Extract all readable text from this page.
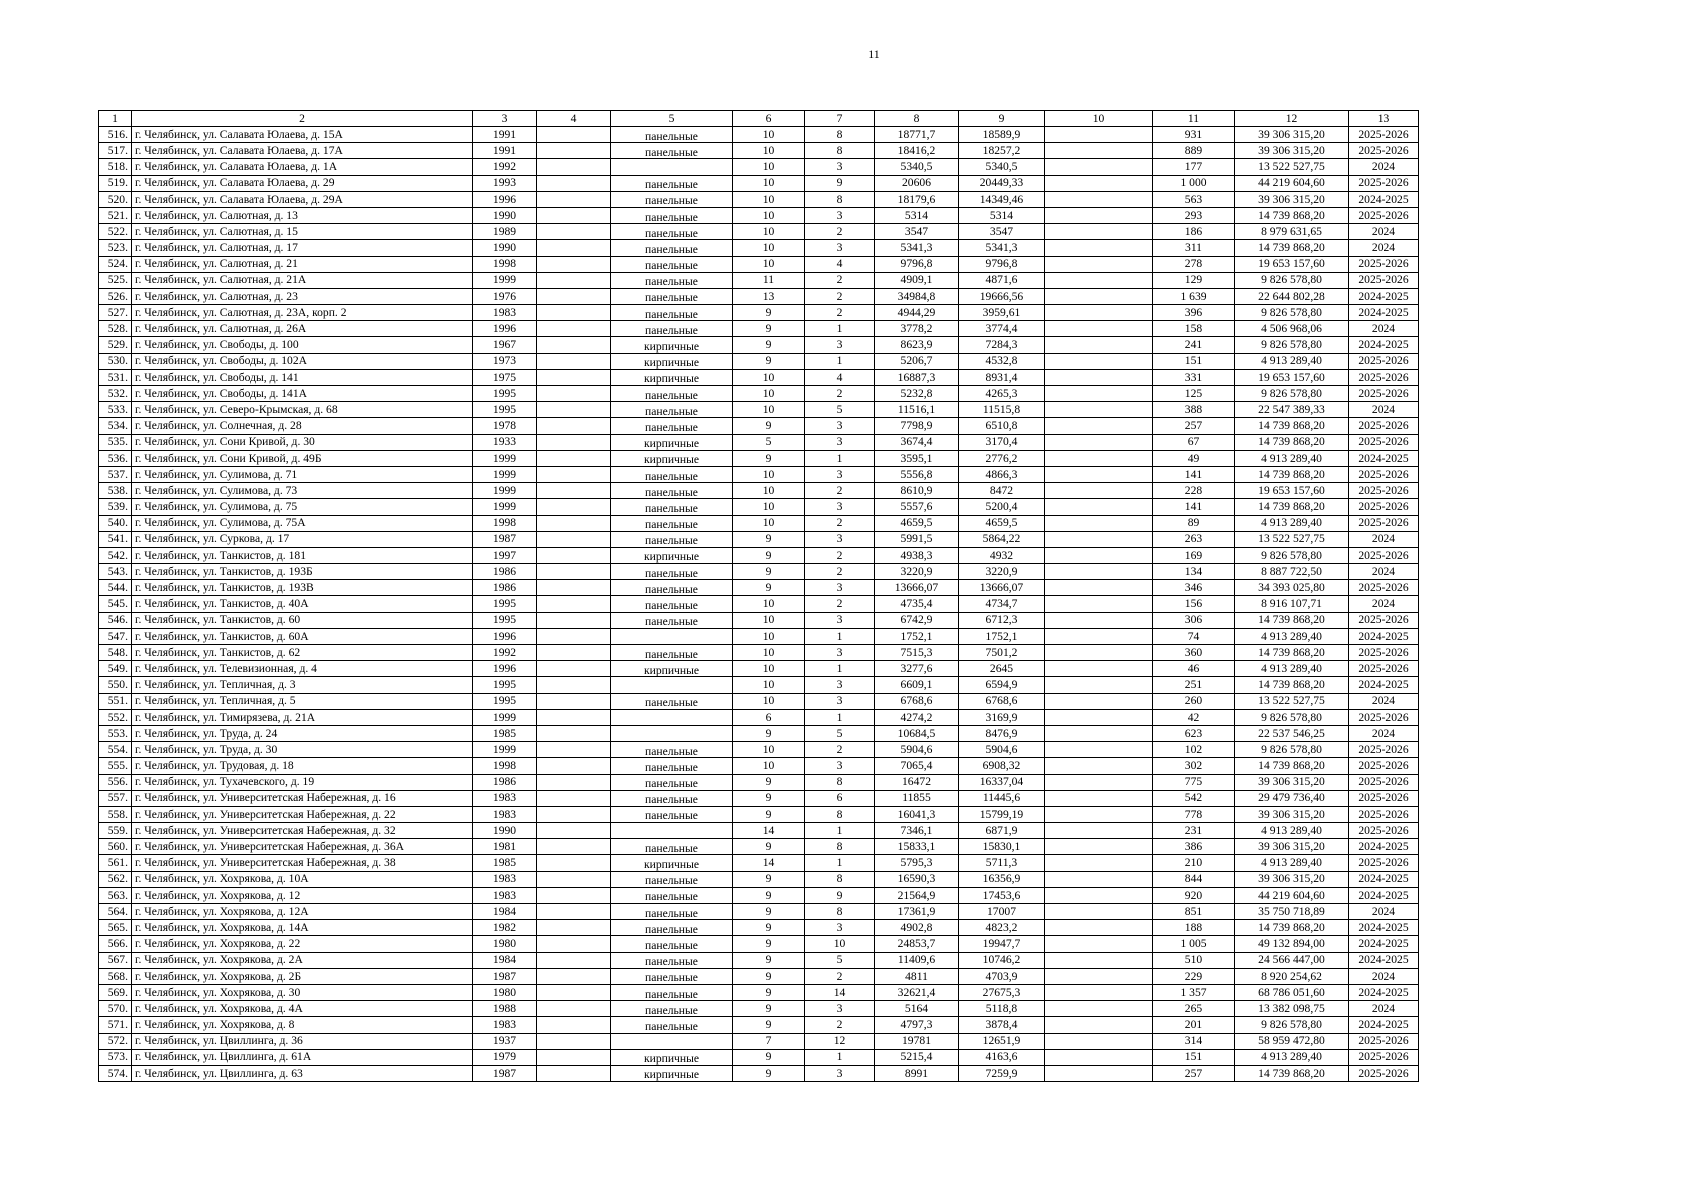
11
1	2	3	4	5	6	7	8	9	10	11	12	13
516.	г. Челябинск, ул. Салавата Юлаева, д. 15А	1991		панельные	10	8	18771,7	18589,9		931	39 306 315,20	2025-2026
517.	г. Челябинск, ул. Салавата Юлаева, д. 17А	1991		панельные	10	8	18416,2	18257,2		889	39 306 315,20	2025-2026
518.	г. Челябинск, ул. Салавата Юлаева, д. 1А	1992			10	3	5340,5	5340,5		177	13 522 527,75	2024
519.	г. Челябинск, ул. Салавата Юлаева, д. 29	1993		панельные	10	9	20606	20449,33		1 000	44 219 604,60	2025-2026
520.	г. Челябинск, ул. Салавата Юлаева, д. 29А	1996		панельные	10	8	18179,6	14349,46		563	39 306 315,20	2024-2025
521.	г. Челябинск, ул. Салютная, д. 13	1990		панельные	10	3	5314	5314		293	14 739 868,20	2025-2026
522.	г. Челябинск, ул. Салютная, д. 15	1989		панельные	10	2	3547	3547		186	8 979 631,65	2024
523.	г. Челябинск, ул. Салютная, д. 17	1990		панельные	10	3	5341,3	5341,3		311	14 739 868,20	2024
524.	г. Челябинск, ул. Салютная, д. 21	1998		панельные	10	4	9796,8	9796,8		278	19 653 157,60	2025-2026
525.	г. Челябинск, ул. Салютная, д. 21А	1999		панельные	11	2	4909,1	4871,6		129	9 826 578,80	2025-2026
526.	г. Челябинск, ул. Салютная, д. 23	1976		панельные	13	2	34984,8	19666,56		1 639	22 644 802,28	2024-2025
527.	г. Челябинск, ул. Салютная, д. 23А, корп. 2	1983		панельные	9	2	4944,29	3959,61		396	9 826 578,80	2024-2025
528.	г. Челябинск, ул. Салютная, д. 26А	1996		панельные	9	1	3778,2	3774,4		158	4 506 968,06	2024
529.	г. Челябинск, ул. Свободы, д. 100	1967		кирпичные	9	3	8623,9	7284,3		241	9 826 578,80	2024-2025
530.	г. Челябинск, ул. Свободы, д. 102А	1973		кирпичные	9	1	5206,7	4532,8		151	4 913 289,40	2025-2026
531.	г. Челябинск, ул. Свободы, д. 141	1975		кирпичные	10	4	16887,3	8931,4		331	19 653 157,60	2025-2026
532.	г. Челябинск, ул. Свободы, д. 141А	1995		панельные	10	2	5232,8	4265,3		125	9 826 578,80	2025-2026
533.	г. Челябинск, ул. Северо-Крымская, д. 68	1995		панельные	10	5	11516,1	11515,8		388	22 547 389,33	2024
534.	г. Челябинск, ул. Солнечная, д. 28	1978		панельные	9	3	7798,9	6510,8		257	14 739 868,20	2025-2026
535.	г. Челябинск, ул. Сони Кривой, д. 30	1933		кирпичные	5	3	3674,4	3170,4		67	14 739 868,20	2025-2026
536.	г. Челябинск, ул. Сони Кривой, д. 49Б	1999		кирпичные	9	1	3595,1	2776,2		49	4 913 289,40	2024-2025
537.	г. Челябинск, ул. Сулимова, д. 71	1999		панельные	10	3	5556,8	4866,3		141	14 739 868,20	2025-2026
538.	г. Челябинск, ул. Сулимова, д. 73	1999		панельные	10	2	8610,9	8472		228	19 653 157,60	2025-2026
539.	г. Челябинск, ул. Сулимова, д. 75	1999		панельные	10	3	5557,6	5200,4		141	14 739 868,20	2025-2026
540.	г. Челябинск, ул. Сулимова, д. 75А	1998		панельные	10	2	4659,5	4659,5		89	4 913 289,40	2025-2026
541.	г. Челябинск, ул. Суркова, д. 17	1987		панельные	9	3	5991,5	5864,22		263	13 522 527,75	2024
542.	г. Челябинск, ул. Танкистов, д. 181	1997		кирпичные	9	2	4938,3	4932		169	9 826 578,80	2025-2026
543.	г. Челябинск, ул. Танкистов, д. 193Б	1986		панельные	9	2	3220,9	3220,9		134	8 887 722,50	2024
544.	г. Челябинск, ул. Танкистов, д. 193В	1986		панельные	9	3	13666,07	13666,07		346	34 393 025,80	2025-2026
545.	г. Челябинск, ул. Танкистов, д. 40А	1995		панельные	10	2	4735,4	4734,7		156	8 916 107,71	2024
546.	г. Челябинск, ул. Танкистов, д. 60	1995		панельные	10	3	6742,9	6712,3		306	14 739 868,20	2025-2026
547.	г. Челябинск, ул. Танкистов, д. 60А	1996			10	1	1752,1	1752,1		74	4 913 289,40	2024-2025
548.	г. Челябинск, ул. Танкистов, д. 62	1992		панельные	10	3	7515,3	7501,2		360	14 739 868,20	2025-2026
549.	г. Челябинск, ул. Телевизионная, д. 4	1996		кирпичные	10	1	3277,6	2645		46	4 913 289,40	2025-2026
550.	г. Челябинск, ул. Тепличная, д. 3	1995			10	3	6609,1	6594,9		251	14 739 868,20	2024-2025
551.	г. Челябинск, ул. Тепличная, д. 5	1995		панельные	10	3	6768,6	6768,6		260	13 522 527,75	2024
552.	г. Челябинск, ул. Тимирязева, д. 21А	1999			6	1	4274,2	3169,9		42	9 826 578,80	2025-2026
553.	г. Челябинск, ул. Труда, д. 24	1985			9	5	10684,5	8476,9		623	22 537 546,25	2024
554.	г. Челябинск, ул. Труда, д. 30	1999		панельные	10	2	5904,6	5904,6		102	9 826 578,80	2025-2026
555.	г. Челябинск, ул. Трудовая, д. 18	1998		панельные	10	3	7065,4	6908,32		302	14 739 868,20	2025-2026
556.	г. Челябинск, ул. Тухачевского, д. 19	1986		панельные	9	8	16472	16337,04		775	39 306 315,20	2025-2026
557.	г. Челябинск, ул. Университетская Набережная, д. 16	1983		панельные	9	6	11855	11445,6		542	29 479 736,40	2025-2026
558.	г. Челябинск, ул. Университетская Набережная, д. 22	1983		панельные	9	8	16041,3	15799,19		778	39 306 315,20	2025-2026
559.	г. Челябинск, ул. Университетская Набережная, д. 32	1990			14	1	7346,1	6871,9		231	4 913 289,40	2025-2026
560.	г. Челябинск, ул. Университетская Набережная, д. 36А	1981		панельные	9	8	15833,1	15830,1		386	39 306 315,20	2024-2025
561.	г. Челябинск, ул. Университетская Набережная, д. 38	1985		кирпичные	14	1	5795,3	5711,3		210	4 913 289,40	2025-2026
562.	г. Челябинск, ул. Хохрякова, д. 10А	1983		панельные	9	8	16590,3	16356,9		844	39 306 315,20	2024-2025
563.	г. Челябинск, ул. Хохрякова, д. 12	1983		панельные	9	9	21564,9	17453,6		920	44 219 604,60	2024-2025
564.	г. Челябинск, ул. Хохрякова, д. 12А	1984		панельные	9	8	17361,9	17007		851	35 750 718,89	2024
565.	г. Челябинск, ул. Хохрякова, д. 14А	1982		панельные	9	3	4902,8	4823,2		188	14 739 868,20	2024-2025
566.	г. Челябинск, ул. Хохрякова, д. 22	1980		панельные	9	10	24853,7	19947,7		1 005	49 132 894,00	2024-2025
567.	г. Челябинск, ул. Хохрякова, д. 2А	1984		панельные	9	5	11409,6	10746,2		510	24 566 447,00	2024-2025
568.	г. Челябинск, ул. Хохрякова, д. 2Б	1987		панельные	9	2	4811	4703,9		229	8 920 254,62	2024
569.	г. Челябинск, ул. Хохрякова, д. 30	1980		панельные	9	14	32621,4	27675,3		1 357	68 786 051,60	2024-2025
570.	г. Челябинск, ул. Хохрякова, д. 4А	1988		панельные	9	3	5164	5118,8		265	13 382 098,75	2024
571.	г. Челябинск, ул. Хохрякова, д. 8	1983		панельные	9	2	4797,3	3878,4		201	9 826 578,80	2024-2025
572.	г. Челябинск, ул. Цвиллинга, д. 36	1937			7	12	19781	12651,9		314	58 959 472,80	2025-2026
573.	г. Челябинск, ул. Цвиллинга, д. 61А	1979		кирпичные	9	1	5215,4	4163,6		151	4 913 289,40	2025-2026
574.	г. Челябинск, ул. Цвиллинга, д. 63	1987		кирпичные	9	3	8991	7259,9		257	14 739 868,20	2025-2026
